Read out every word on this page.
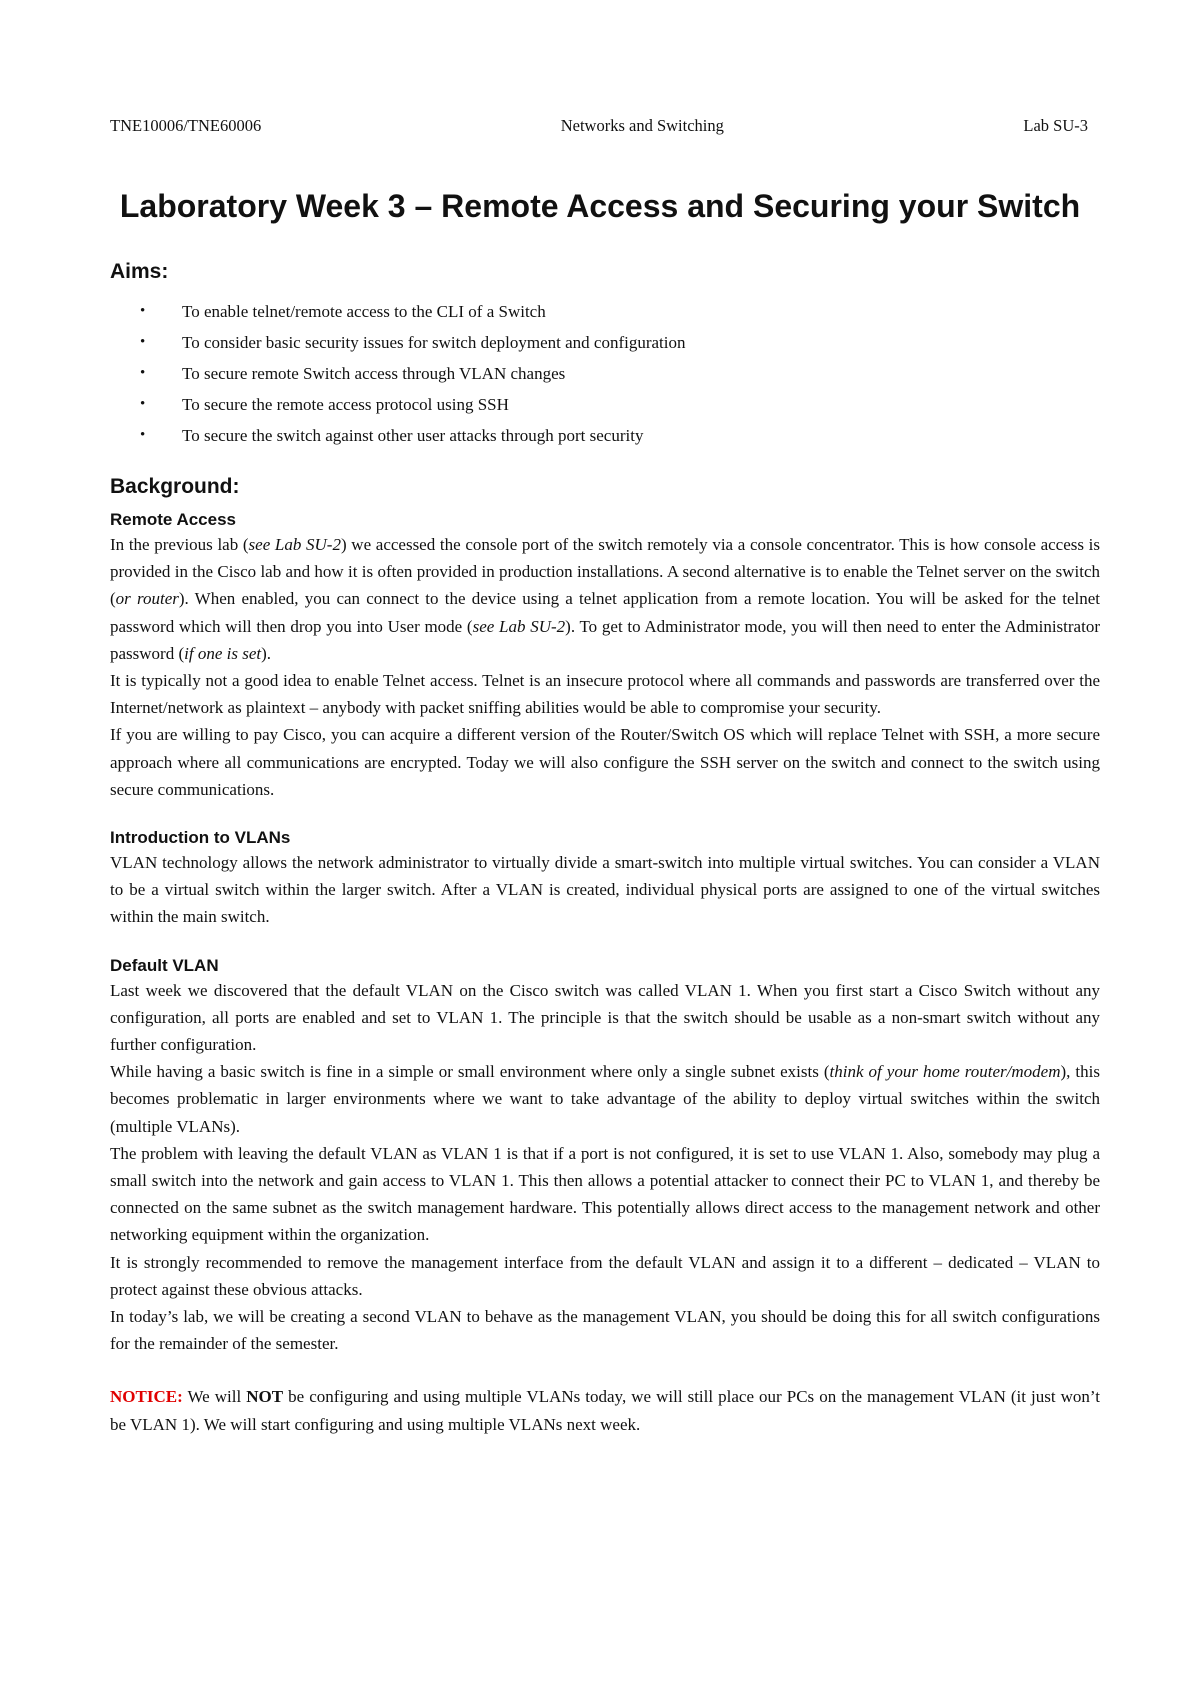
TNE10006/TNE60006	Networks and Switching	Lab SU-3
Laboratory Week 3 – Remote Access and Securing your Switch
Aims:
• To enable telnet/remote access to the CLI of a Switch
• To consider basic security issues for switch deployment and configuration
• To secure remote Switch access through VLAN changes
• To secure the remote access protocol using SSH
• To secure the switch against other user attacks through port security
Background:
Remote Access

In the previous lab (see Lab SU-2) we accessed the console port of the switch remotely via a console concentrator. This is how console access is provided in the Cisco lab and how it is often provided in production installations. A second alternative is to enable the Telnet server on the switch (or router). When enabled, you can connect to the device using a telnet application from a remote location. You will be asked for the telnet password which will then drop you into User mode (see Lab SU-2). To get to Administrator mode, you will then need to enter the Administrator password (if one is set).

It is typically not a good idea to enable Telnet access. Telnet is an insecure protocol where all commands and passwords are transferred over the Internet/network as plaintext – anybody with packet sniffing abilities would be able to compromise your security.

If you are willing to pay Cisco, you can acquire a different version of the Router/Switch OS which will replace Telnet with SSH, a more secure approach where all communications are encrypted. Today we will also configure the SSH server on the switch and connect to the switch using secure communications.

Introduction to VLANs

VLAN technology allows the network administrator to virtually divide a smart-switch into multiple virtual switches. You can consider a VLAN to be a virtual switch within the larger switch. After a VLAN is created, individual physical ports are assigned to one of the virtual switches within the main switch.

Default VLAN

Last week we discovered that the default VLAN on the Cisco switch was called VLAN 1. When you first start a Cisco Switch without any configuration, all ports are enabled and set to VLAN 1. The principle is that the switch should be usable as a non-smart switch without any further configuration.

While having a basic switch is fine in a simple or small environment where only a single subnet exists (think of your home router/modem), this becomes problematic in larger environments where we want to take advantage of the ability to deploy virtual switches within the switch (multiple VLANs).

The problem with leaving the default VLAN as VLAN 1 is that if a port is not configured, it is set to use VLAN 1. Also, somebody may plug a small switch into the network and gain access to VLAN 1. This then allows a potential attacker to connect their PC to VLAN 1, and thereby be connected on the same subnet as the switch management hardware. This potentially allows direct access to the management network and other networking equipment within the organization.

It is strongly recommended to remove the management interface from the default VLAN and assign it to a different – dedicated – VLAN to protect against these obvious attacks.

In today’s lab, we will be creating a second VLAN to behave as the management VLAN, you should be doing this for all switch configurations for the remainder of the semester.

NOTICE: We will NOT be configuring and using multiple VLANs today, we will still place our PCs on the management VLAN (it just won’t be VLAN 1). We will start configuring and using multiple VLANs next week.
